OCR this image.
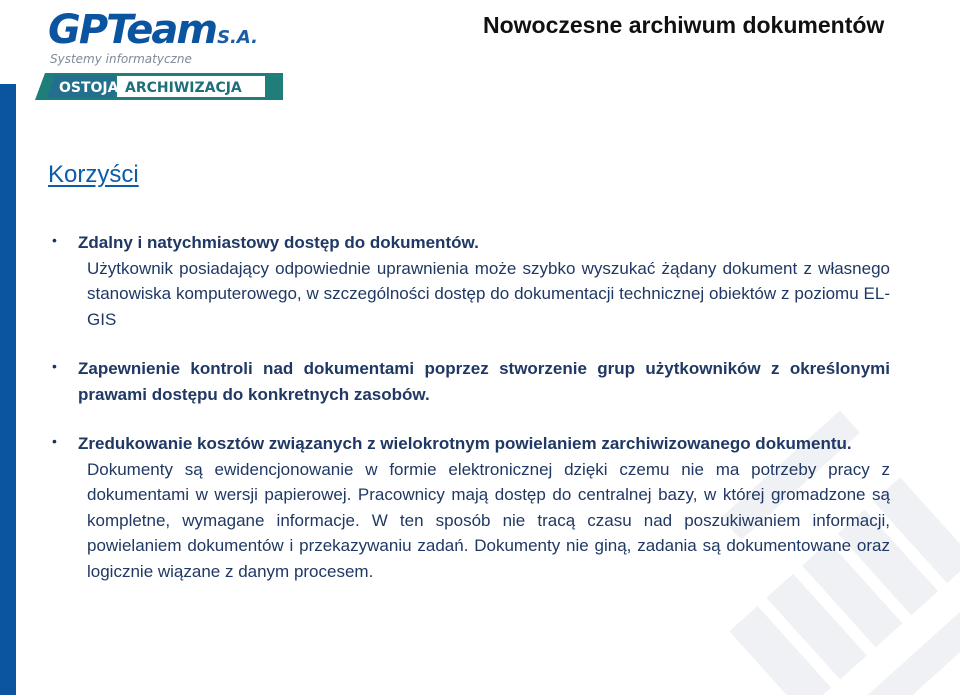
GPTeamS.A.
Systemy informatyczne
OSTOJA ARCHIWIZACJA
Nowoczesne archiwum dokumentów
Korzyści
• Zdalny i natychmiastowy dostęp do dokumentów.
Użytkownik posiadający odpowiednie uprawnienia może szybko wyszukać żądany dokument z własnego stanowiska komputerowego, w szczególności dostęp do dokumentacji technicznej obiektów z poziomu EL-GIS
• Zapewnienie kontroli nad dokumentami poprzez stworzenie grup użytkowników z określonymi prawami dostępu do konkretnych zasobów.
• Zredukowanie kosztów związanych z wielokrotnym powielaniem zarchiwizowanego dokumentu.
Dokumenty są ewidencjonowanie w formie elektronicznej dzięki czemu nie ma potrzeby pracy z dokumentami w wersji papierowej. Pracownicy mają dostęp do centralnej bazy, w której gromadzone są kompletne, wymagane informacje. W ten sposób nie tracą czasu nad poszukiwaniem informacji, powielaniem dokumentów i przekazywaniu zadań. Dokumenty nie giną, zadania są dokumentowane oraz logicznie wiązane z danym procesem.
